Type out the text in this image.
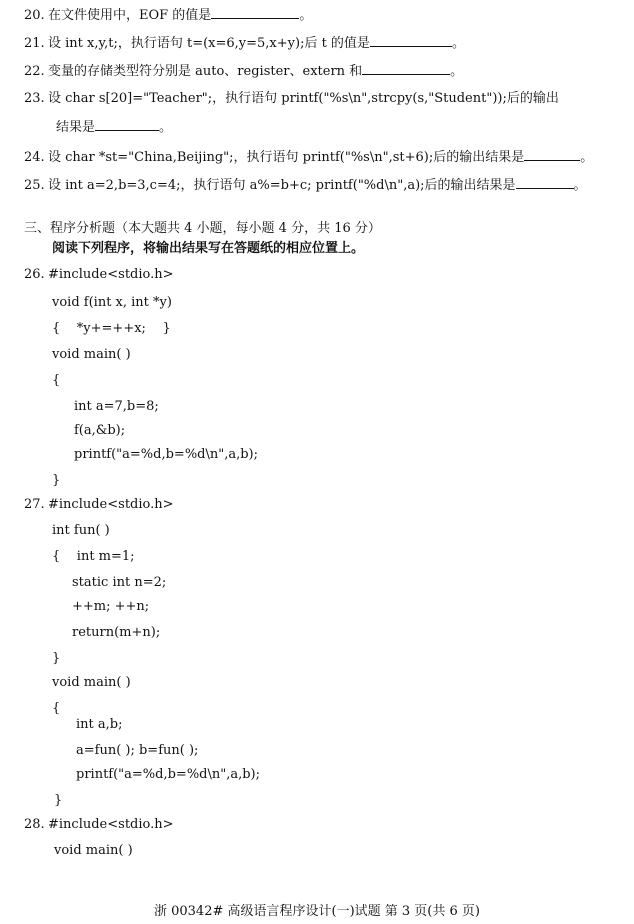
20. 在文件使用中，EOF 的值是	。
21. 设 int x,y,t;，执行语句 t=(x=6,y=5,x+y);后 t 的值是	。
22. 变量的存储类型符分别是 auto、register、extern 和	。
23. 设 char s[20]="Teacher";，执行语句 printf("%s\n",strcpy(s,"Student"));后的输出
结果是	。
24. 设 char *st="China,Beijing";，执行语句 printf("%s\n",st+6);后的输出结果是	。
25. 设 int a=2,b=3,c=4;，执行语句 a%=b+c; printf("%d\n",a);后的输出结果是	。
三、程序分析题（本大题共 4 小题，每小题 4 分，共 16 分）
阅读下列程序，将输出结果写在答题纸的相应位置上。
26. #include<stdio.h>
void f(int x, int *y)
{    *y+=++x;    }
void main( )
{
int a=7,b=8;
f(a,&b);
printf("a=%d,b=%d\n",a,b);
}
27. #include<stdio.h>
int fun( )
{    int m=1;
static int n=2;
++m; ++n;
return(m+n);
}
void main( )
{
int a,b;
a=fun( ); b=fun( );
printf("a=%d,b=%d\n",a,b);
}
28. #include<stdio.h>
void main( )
浙 00342# 高级语言程序设计(一)试题 第 3 页(共 6 页)
